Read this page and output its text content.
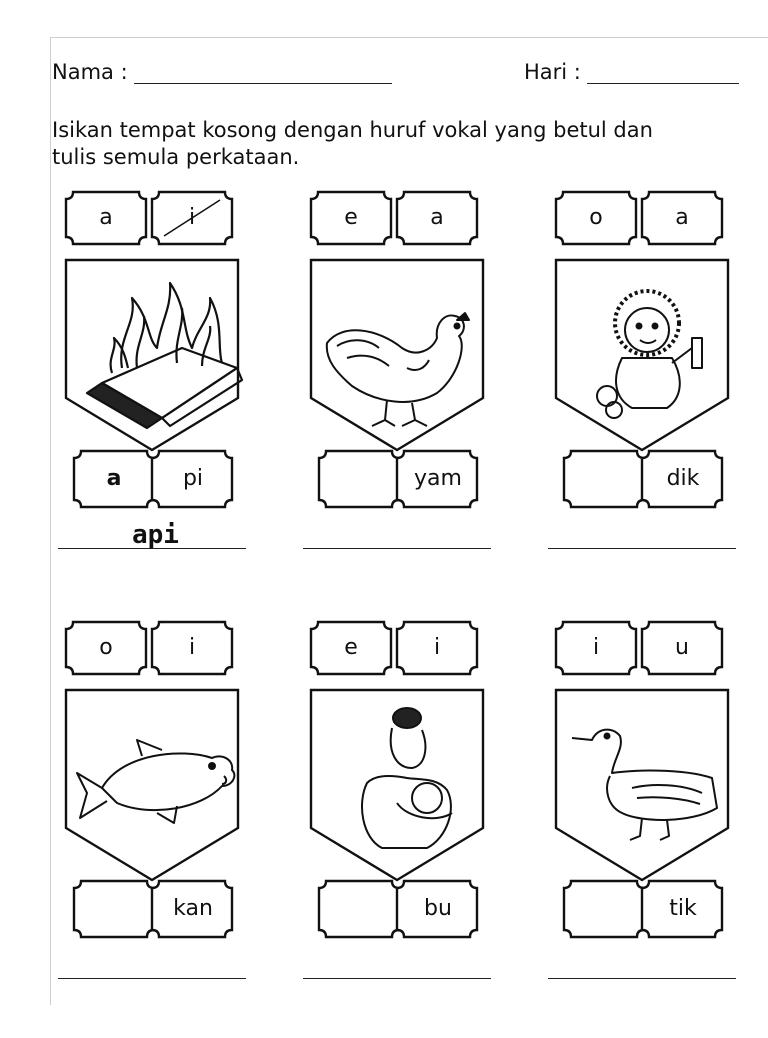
Nama :	Hari :
Isikan tempat kosong dengan huruf vokal yang betul dan
tulis semula perkataan.
a	i
a	pi
api
e	a
yam
o	a
dik
o	i
kan
e	i
bu
i	u
tik
